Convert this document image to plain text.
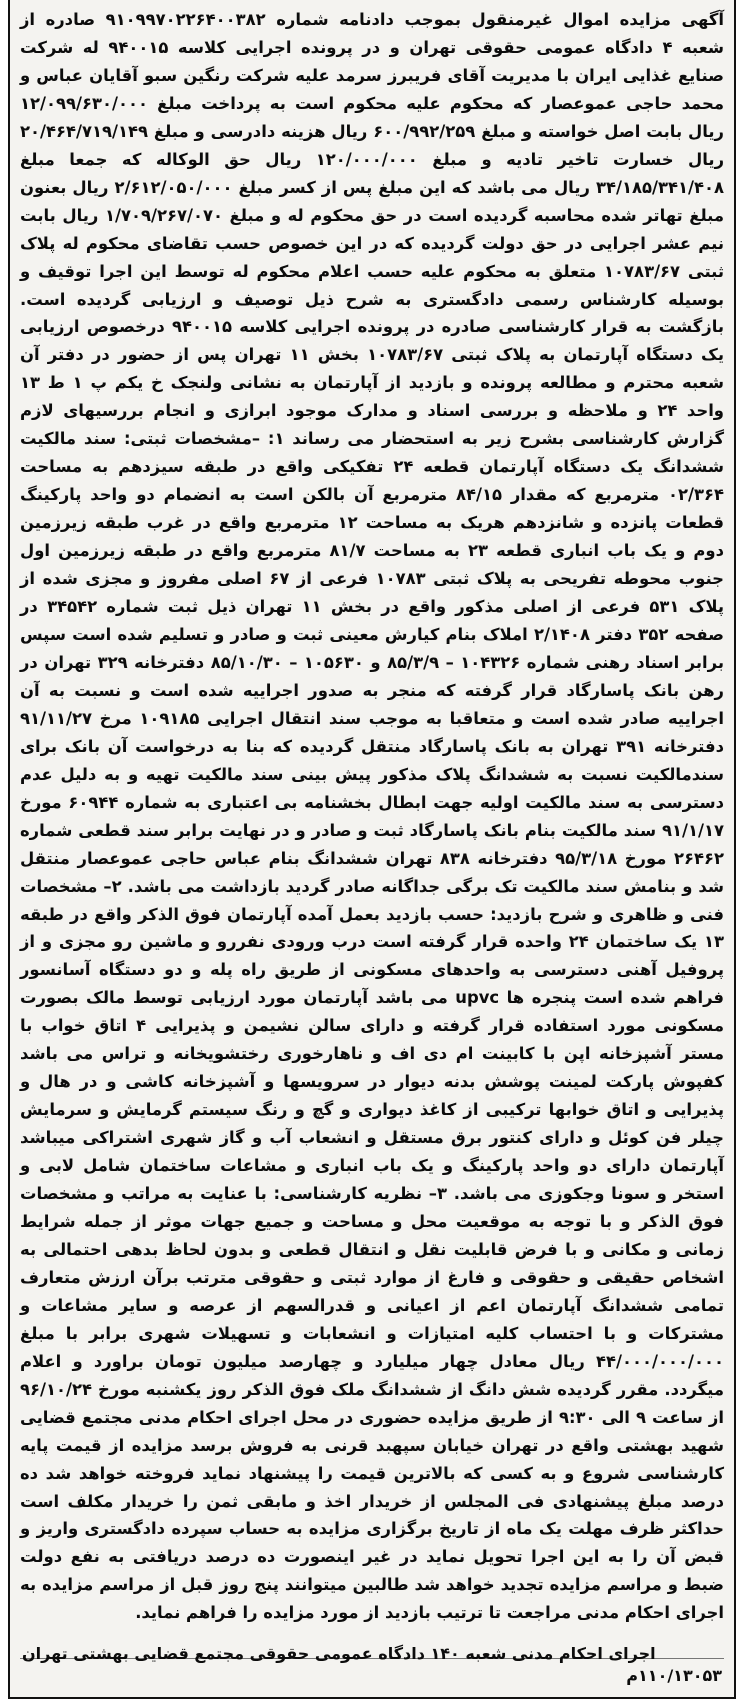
آگهی مزایده اموال غیرمنقول بموجب دادنامه شماره ۹۱۰۹۹۷۰۲۲۶۴۰۰۳۸۲ صادره از شعبه ۴ دادگاه عمومی حقوقی تهران و در پرونده اجرایی کلاسه ۹۴۰۰۱۵ له شرکت صنایع غذایی ایران با مدیریت آقای فریبرز سرمد علیه شرکت رنگین سبو آقایان عباس و محمد حاجی عموعصار که محکوم علیه محکوم است به پرداخت مبلغ ۱۲/۰۹۹/۶۳۰/۰۰۰ ریال بابت اصل خواسته و مبلغ ۶۰۰/۹۹۲/۲۵۹ ریال هزینه دادرسی و مبلغ ۲۰/۴۶۴/۷۱۹/۱۴۹ ریال خسارت تاخیر تادیه و مبلغ ۱۲۰/۰۰۰/۰۰۰ ریال حق الوکاله که جمعا مبلغ ۳۴/۱۸۵/۳۴۱/۴۰۸ ریال می باشد که این مبلغ پس از کسر مبلغ ۲/۶۱۲/۰۵۰/۰۰۰ ریال بعنون مبلغ تهاتر شده محاسبه گردیده است در حق محکوم له و مبلغ ۱/۷۰۹/۲۶۷/۰۷۰ ریال بابت نیم عشر اجرایی در حق دولت گردیده که در این خصوص حسب تقاضای محکوم له پلاک ثبتی ۱۰۷۸۳/۶۷ متعلق به محکوم علیه حسب اعلام محکوم له توسط این اجرا توقیف و بوسیله کارشناس رسمی دادگستری به شرح ذیل توصیف و ارزیابی گردیده است. بازگشت به قرار کارشناسی صادره در پرونده اجرایی کلاسه ۹۴۰۰۱۵ درخصوص ارزیابی یک دستگاه آپارتمان به پلاک ثبتی ۱۰۷۸۳/۶۷ بخش ۱۱ تهران پس از حضور در دفتر آن شعبه محترم و مطالعه پرونده و بازدید از آپارتمان به نشانی ولنجک خ یکم پ ۱ ط ۱۳ واحد ۲۴ و ملاحظه و بررسی اسناد و مدارک موجود ابرازی و انجام بررسیهای لازم گزارش کارشناسی بشرح زیر به استحضار می رساند ۱: –مشخصات ثبتی: سند مالکیت ششدانگ یک دستگاه آپارتمان قطعه ۲۴ تفکیکی واقع در طبقه سیزدهم به مساحت ۰۲/۳۶۴ مترمربع که مقدار ۸۴/۱۵ مترمربع آن بالکن است به انضمام دو واحد پارکینگ قطعات پانزده و شانزدهم هریک به مساحت ۱۲ مترمربع واقع در غرب طبقه زیرزمین دوم و یک باب انباری قطعه ۲۳ به مساحت ۸۱/۷ مترمربع واقع در طبقه زیرزمین اول جنوب محوطه تفریحی به پلاک ثبتی ۱۰۷۸۳ فرعی از ۶۷ اصلی مفروز و مجزی شده از پلاک ۵۳۱ فرعی از اصلی مذکور واقع در بخش ۱۱ تهران ذیل ثبت شماره ۳۴۵۴۲ در صفحه ۳۵۲ دفتر ۲/۱۴۰۸ املاک بنام کیارش معینی ثبت و صادر و تسلیم شده است سپس برابر اسناد رهنی شماره ۱۰۴۳۲۶ – ۸۵/۳/۹ و ۱۰۵۶۳۰ – ۸۵/۱۰/۳۰ دفترخانه ۳۲۹ تهران در رهن بانک پاسارگاد قرار گرفته که منجر به صدور اجراییه شده است و نسبت به آن اجراییه صادر شده است و متعاقبا به موجب سند انتقال اجرایی ۱۰۹۱۸۵ مرخ ۹۱/۱۱/۲۷ دفترخانه ۳۹۱ تهران به بانک پاسارگاد منتقل گردیده که بنا به درخواست آن بانک برای سندمالکیت نسبت به ششدانگ پلاک مذکور پیش بینی سند مالکیت تهیه و به دلیل عدم دسترسی به سند مالکیت اولیه جهت ابطال بخشنامه بی اعتباری به شماره ۶۰۹۴۴ مورخ ۹۱/۱/۱۷ سند مالکیت بنام بانک پاسارگاد ثبت و صادر و در نهایت برابر سند قطعی شماره ۲۶۴۶۲ مورخ ۹۵/۳/۱۸ دفترخانه ۸۳۸ تهران ششدانگ بنام عباس حاجی عموعصار منتقل شد و بنامش سند مالکیت تک برگی جداگانه صادر گردید بازداشت می باشد. ۲– مشخصات فنی و ظاهری و شرح بازدید: حسب بازدید بعمل آمده آپارتمان فوق الذکر واقع در طبقه ۱۳ یک ساختمان ۲۴ واحده قرار گرفته است درب ورودی نفررو و ماشین رو مجزی و از پروفیل آهنی دسترسی به واحدهای مسکونی از طریق راه پله و دو دستگاه آسانسور فراهم شده است پنجره ها upvc می باشد آپارتمان مورد ارزیابی توسط مالک بصورت مسکونی مورد استفاده قرار گرفته و دارای سالن نشیمن و پذیرایی ۴ اتاق خواب با مستر آشپزخانه اپن با کابینت ام دی اف و ناهارخوری رختشویخانه و تراس می باشد کفپوش پارکت لمینت پوشش بدنه دیوار در سرویسها و آشپزخانه کاشی و در هال و پذیرایی و اتاق خوابها ترکیبی از کاغذ دیواری و گچ و رنگ سیستم گرمایش و سرمایش چیلر فن کوئل و دارای کنتور برق مستقل و انشعاب آب و گاز شهری اشتراکی میباشد آپارتمان دارای دو واحد پارکینگ و یک باب انباری و مشاعات ساختمان شامل لابی و استخر و سونا وجکوزی می باشد. ۳– نظریه کارشناسی: با عنایت به مراتب و مشخصات فوق الذکر و با توجه به موقعیت محل و مساحت و جمیع جهات موثر از جمله شرایط زمانی و مکانی و با فرض قابلیت نقل و انتقال قطعی و بدون لحاظ بدهی احتمالی به اشخاص حقیقی و حقوقی و فارغ از موارد ثبتی و حقوقی مترتب برآن ارزش متعارف تمامی ششدانگ آپارتمان اعم از اعیانی و قدرالسهم از عرصه و سایر مشاعات و مشترکات و با احتساب کلیه امتیازات و انشعابات و تسهیلات شهری برابر با مبلغ ۴۴/۰۰۰/۰۰۰/۰۰۰ ریال معادل چهار میلیارد و چهارصد میلیون تومان براورد و اعلام میگردد. مقرر گردیده شش دانگ از ششدانگ ملک فوق الذکر روز یکشنبه مورخ ۹۶/۱۰/۲۴ از ساعت ۹ الی ۹:۳۰ از طریق مزایده حضوری در محل اجرای احکام مدنی مجتمع قضایی شهید بهشتی واقع در تهران خیابان سپهبد قرنی به فروش برسد مزایده از قیمت پایه کارشناسی شروع و به کسی که بالاترین قیمت را پیشنهاد نماید فروخته خواهد شد ده درصد مبلغ پیشنهادی فی المجلس از خریدار اخذ و مابقی ثمن را خریدار مکلف است حداکثر ظرف مهلت یک ماه از تاریخ برگزاری مزایده به حساب سپرده دادگستری واریز و قبض آن را به این اجرا تحویل نماید در غیر اینصورت ده درصد دریافتی به نفع دولت ضبط و مراسم مزایده تجدید خواهد شد طالبین میتوانند پنج روز قبل از مراسم مزایده به اجرای احکام مدنی مراجعت تا ترتیب بازدید از مورد مزایده را فراهم نماید.

اجرای احکام مدنی شعبه ۱۴۰ دادگاه عمومی حقوقی مجتمع قضایی بهشتی تهران ۱۱۰/۱۳۰۵۳م
